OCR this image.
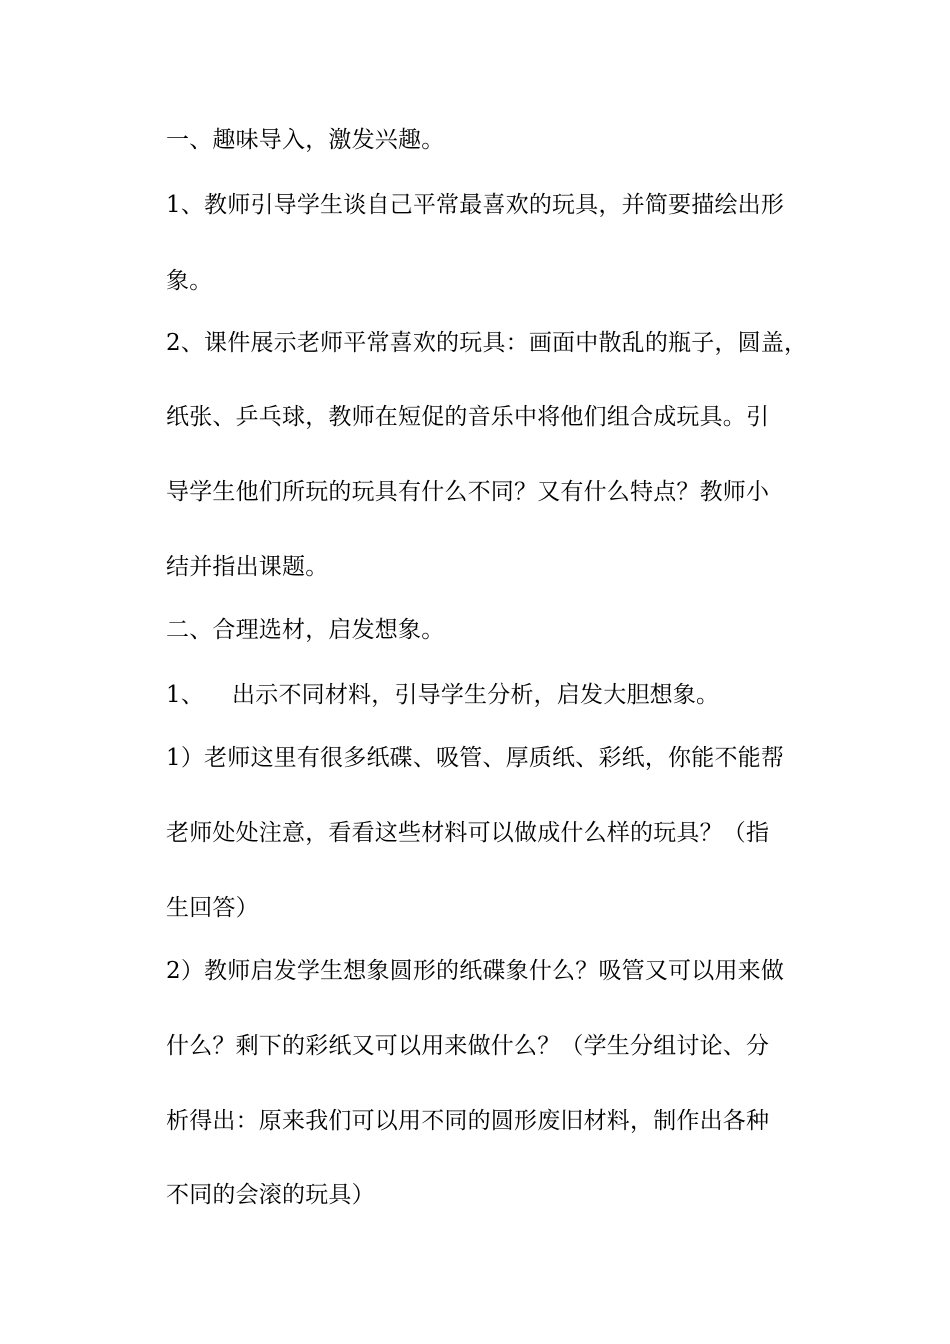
一、趣味导入，激发兴趣。
1、教师引导学生谈自己平常最喜欢的玩具，并简要描绘出形
象。
2、课件展示老师平常喜欢的玩具：画面中散乱的瓶子，圆盖，
纸张、乒乓球，教师在短促的音乐中将他们组合成玩具。引
导学生他们所玩的玩具有什么不同？又有什么特点？教师小
结并指出课题。
二、合理选材，启发想象。
1、 出示不同材料，引导学生分析，启发大胆想象。
1）老师这里有很多纸碟、吸管、厚质纸、彩纸，你能不能帮
老师处处注意，看看这些材料可以做成什么样的玩具？（指
生回答）
2）教师启发学生想象圆形的纸碟象什么？吸管又可以用来做
什么？剩下的彩纸又可以用来做什么？（学生分组讨论、分
析得出：原来我们可以用不同的圆形废旧材料，制作出各种
不同的会滚的玩具）
